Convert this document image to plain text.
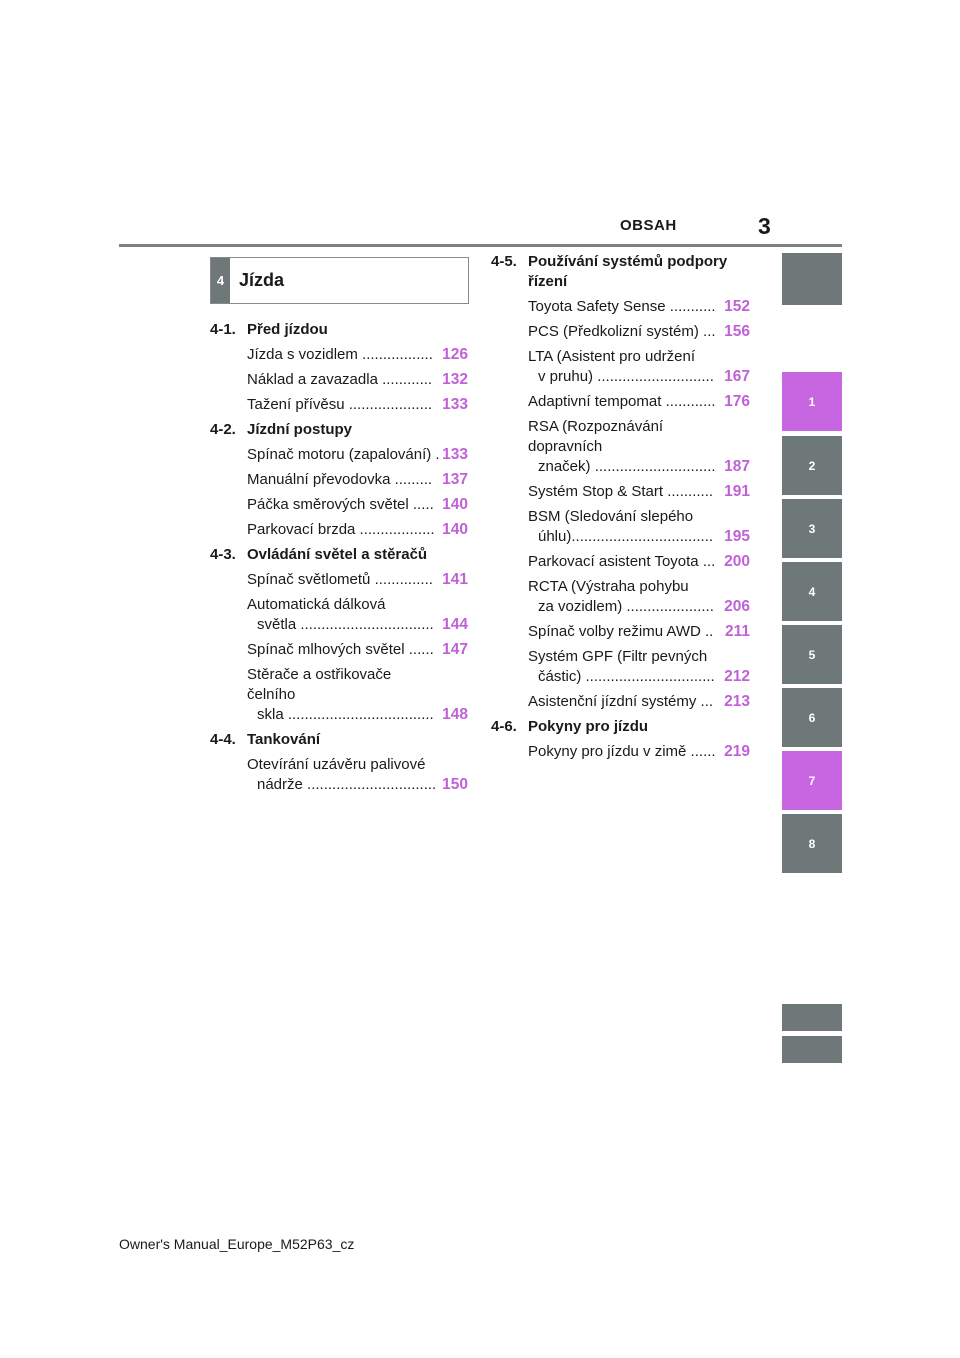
OBSAH	3
4 Jízda
4-1. Před jízdou
Jízda s vozidlem ................. 126
Náklad a zavazadla ............ 132
Tažení přívěsu .................... 133
4-2. Jízdní postupy
Spínač motoru (zapalování) . 133
Manuální převodovka ......... 137
Páčka směrových světel ..... 140
Parkovací brzda .................. 140
4-3. Ovládání světel a stěračů
Spínač světlometů .............. 141
Automatická dálková
světla ................................ 144
Spínač mlhových světel ...... 147
Stěrače a ostřikovače čelního
skla ................................... 148
4-4. Tankování
Otevírání uzávěru palivové
nádrže ............................... 150
4-5. Používání systémů podpory řízení
Toyota Safety Sense ........... 152
PCS (Předkolizní systém) ... 156
LTA (Asistent pro udržení
v pruhu) ............................ 167
Adaptivní tempomat ............ 176
RSA (Rozpoznávání dopravních
značek) ............................. 187
Systém Stop & Start ........... 191
BSM (Sledování slepého
úhlu).................................. 195
Parkovací asistent Toyota ... 200
RCTA (Výstraha pohybu
za vozidlem) ..................... 206
Spínač volby režimu AWD .. 211
Systém GPF (Filtr pevných
částic) ............................... 212
Asistenční jízdní systémy ... 213
4-6. Pokyny pro jízdu
Pokyny pro jízdu v zimě ...... 219
1
2
3
4
5
6
7
8
Owner's Manual_Europe_M52P63_cz
